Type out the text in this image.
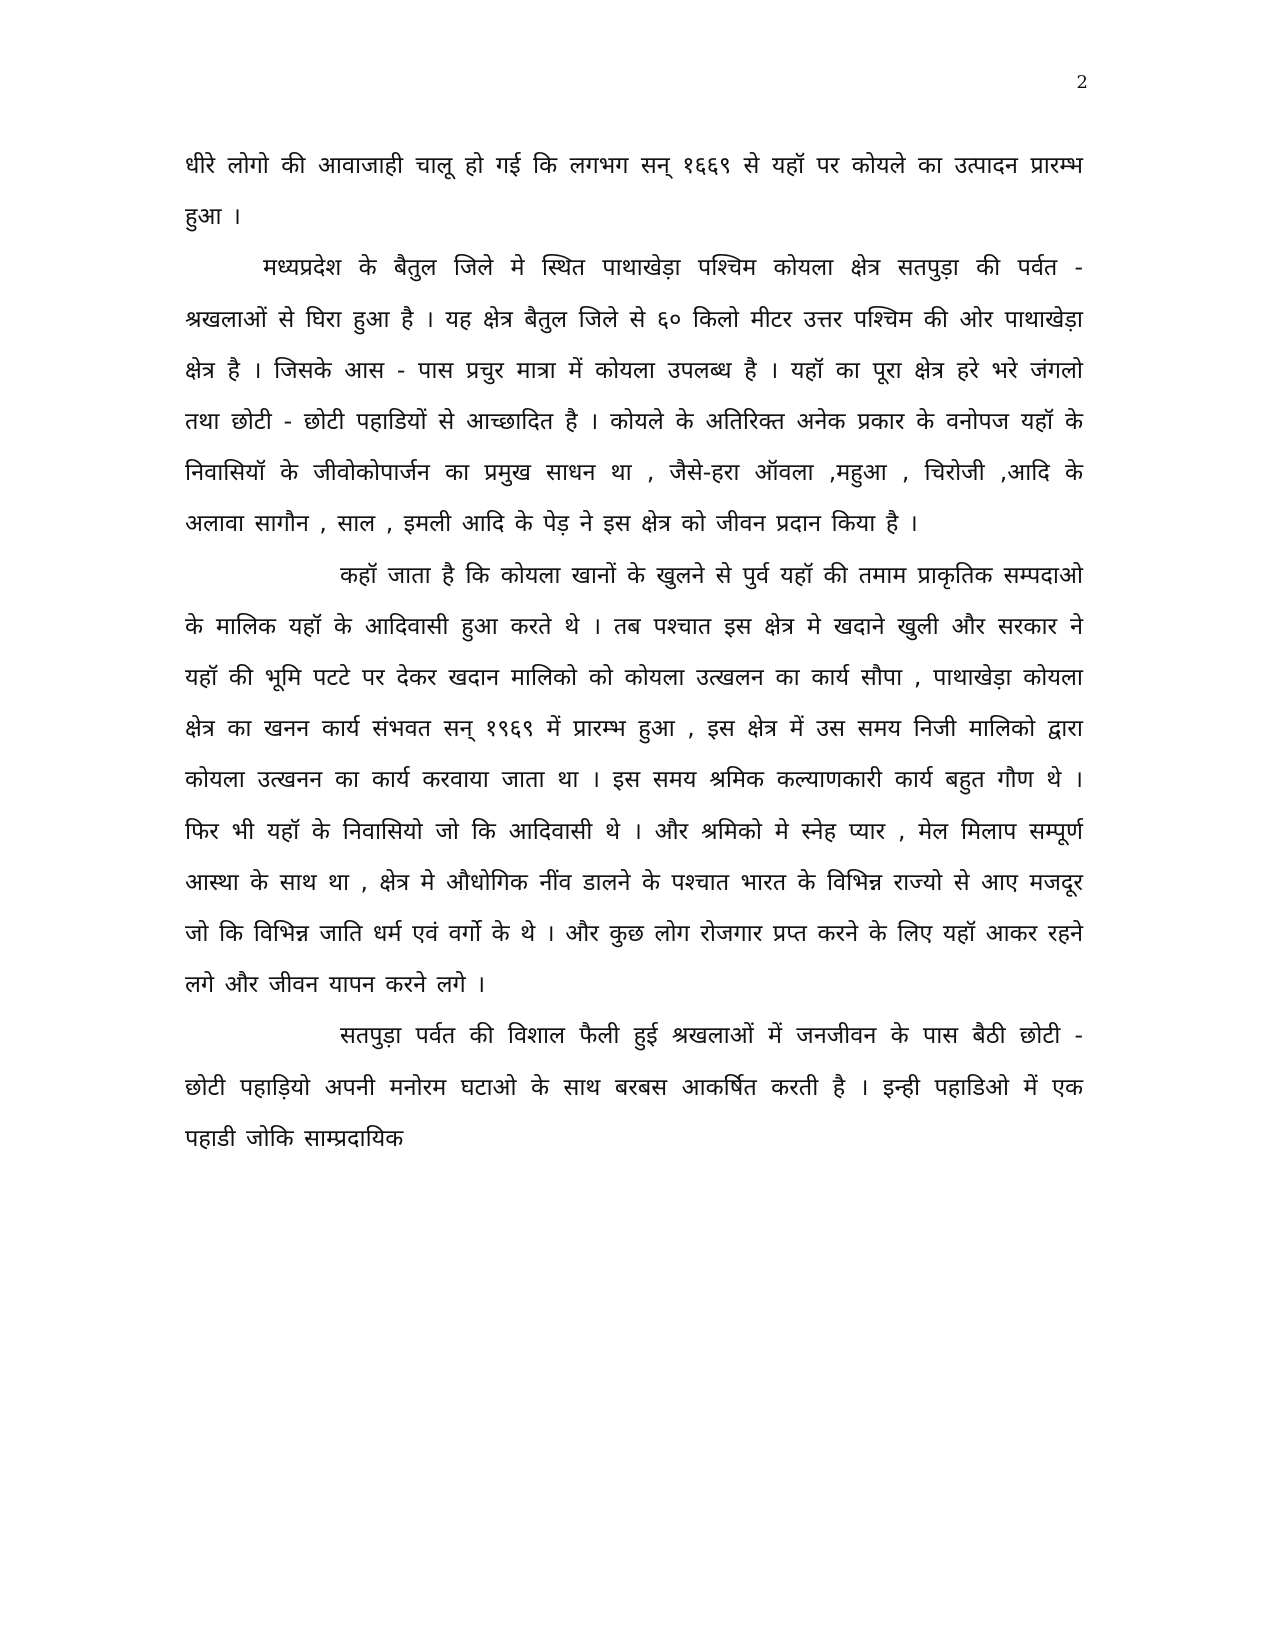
2

धीरे लोगो की आवाजाही चालू हो गई कि लगभग सन् १६६९ से यहॉ पर कोयले का उत्पादन प्रारम्भ हुआ ।

मध्यप्रदेश के बैतुल जिले मे स्थित पाथाखेड़ा पश्चिम कोयला क्षेत्र सतपुड़ा की पर्वत - श्रखलाओं से घिरा हुआ है । यह क्षेत्र बैतुल जिले से ६० किलो मीटर उत्तर पश्चिम की ओर पाथाखेड़ा क्षेत्र है । जिसके आस - पास प्रचुर मात्रा में कोयला उपलब्ध है । यहॉ का पूरा क्षेत्र हरे भरे जंगलो तथा छोटी - छोटी पहाडियों से आच्छादित है । कोयले के अतिरिक्त अनेक प्रकार के वनोपज यहॉ के निवासियॉ के जीवोकोपार्जन का प्रमुख साधन था , जैसे-हरा ऑवला ,महुआ , चिरोजी ,आदि के अलावा सागौन , साल , इमली आदि के पेड़ ने इस क्षेत्र को जीवन प्रदान किया है ।

कहॉ जाता है कि कोयला खानों के खुलने से पुर्व यहॉ की तमाम प्राकृतिक सम्पदाओ के मालिक यहॉ के आदिवासी हुआ करते थे । तब पश्चात इस क्षेत्र मे खदाने खुली और सरकार ने यहॉ की भूमि पटटे पर देकर खदान मालिको को कोयला उत्खलन का कार्य सौपा , पाथाखेड़ा कोयला क्षेत्र का खनन कार्य संभवत सन् १९६९ में प्रारम्भ हुआ , इस क्षेत्र में उस समय निजी मालिको द्वारा कोयला उत्खनन का कार्य करवाया जाता था । इस समय श्रमिक कल्याणकारी कार्य बहुत गौण थे । फिर भी यहॉ के निवासियो जो कि आदिवासी थे । और श्रमिको मे स्नेह प्यार , मेल मिलाप सम्पूर्ण आस्था के साथ था , क्षेत्र मे औधोगिक नींव डालने के पश्चात भारत के विभिन्न राज्यो से आए मजदूर जो कि विभिन्न जाति धर्म एवं वर्गो के थे । और कुछ लोग रोजगार प्रप्त करने के लिए यहॉ आकर रहने लगे और जीवन यापन करने लगे ।

सतपुड़ा पर्वत की विशाल फैली हुई श्रखलाओं में जनजीवन के पास बैठी छोटी - छोटी पहाड़ियो अपनी मनोरम घटाओ के साथ बरबस आकर्षित करती है । इन्ही पहाडिओ में एक पहाडी जोकि साम्प्रदायिक
